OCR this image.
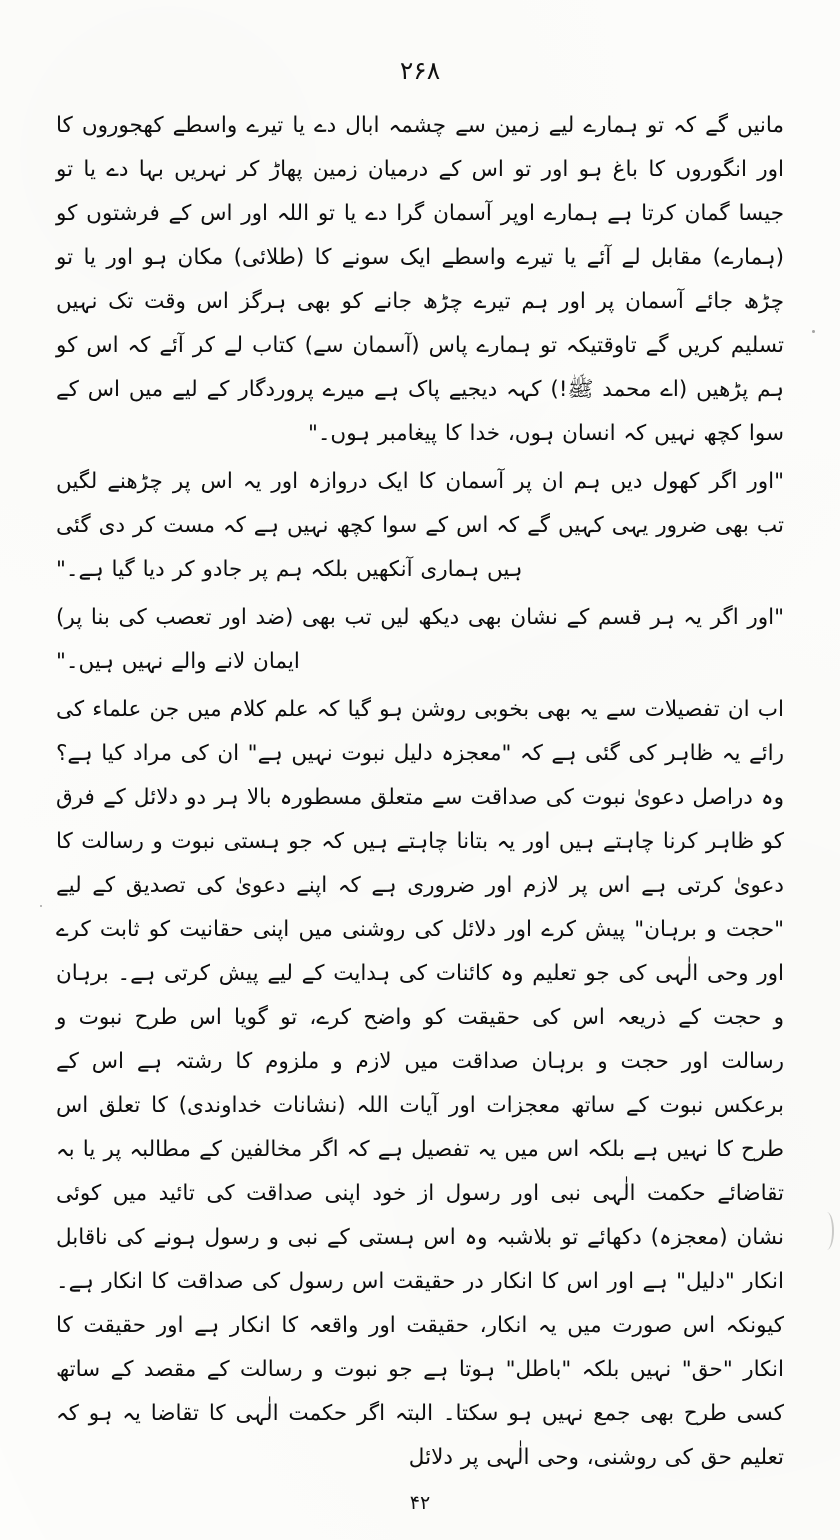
۲۶۸

مانیں گے کہ تو ہمارے لیے زمین سے چشمہ ابال دے یا تیرے واسطے کھجوروں کا اور انگوروں کا باغ ہو اور تو اس کے درمیان زمین پھاڑ کر نہریں بہا دے یا تو جیسا گمان کرتا ہے ہمارے اوپر آسمان گرا دے یا تو اللہ اور اس کے فرشتوں کو (ہمارے) مقابل لے آئے یا تیرے واسطے ایک سونے کا (طلائی) مکان ہو اور یا تو چڑھ جائے آسمان پر اور ہم تیرے چڑھ جانے کو بھی ہرگز اس وقت تک نہیں تسلیم کریں گے تاوقتیکہ تو ہمارے پاس (آسمان سے) کتاب لے کر آئے کہ اس کو ہم پڑھیں (اے محمد ﷺ!) کہہ دیجیے پاک ہے میرے پروردگار کے لیے میں اس کے سوا کچھ نہیں کہ انسان ہوں، خدا کا پیغامبر ہوں۔"

"اور اگر کھول دیں ہم ان پر آسمان کا ایک دروازہ اور یہ اس پر چڑھنے لگیں تب بھی ضرور یہی کہیں گے کہ اس کے سوا کچھ نہیں ہے کہ مست کر دی گئی ہیں ہماری آنکھیں بلکہ ہم پر جادو کر دیا گیا ہے۔"

"اور اگر یہ ہر قسم کے نشان بھی دیکھ لیں تب بھی (ضد اور تعصب کی بنا پر) ایمان لانے والے نہیں ہیں۔"

اب ان تفصیلات سے یہ بھی بخوبی روشن ہو گیا کہ علم کلام میں جن علماء کی رائے یہ ظاہر کی گئی ہے کہ "معجزہ دلیل نبوت نہیں ہے" ان کی مراد کیا ہے؟ وہ دراصل دعویٰ نبوت کی صداقت سے متعلق مسطورہ بالا ہر دو دلائل کے فرق کو ظاہر کرنا چاہتے ہیں اور یہ بتانا چاہتے ہیں کہ جو ہستی نبوت و رسالت کا دعویٰ کرتی ہے اس پر لازم اور ضروری ہے کہ اپنے دعویٰ کی تصدیق کے لیے "حجت و برہان" پیش کرے اور دلائل کی روشنی میں اپنی حقانیت کو ثابت کرے اور وحی الٰہی کی جو تعلیم وہ کائنات کی ہدایت کے لیے پیش کرتی ہے۔ برہان و حجت کے ذریعہ اس کی حقیقت کو واضح کرے، تو گویا اس طرح نبوت و رسالت اور حجت و برہان صداقت میں لازم و ملزوم کا رشتہ ہے اس کے برعکس نبوت کے ساتھ معجزات اور آیات اللہ (نشانات خداوندی) کا تعلق اس طرح کا نہیں ہے بلکہ اس میں یہ تفصیل ہے کہ اگر مخالفین کے مطالبہ پر یا بہ تقاضائے حکمت الٰہی نبی اور رسول از خود اپنی صداقت کی تائید میں کوئی نشان (معجزہ) دکھائے تو بلاشبہ وہ اس ہستی کے نبی و رسول ہونے کی ناقابل انکار "دلیل" ہے اور اس کا انکار در حقیقت اس رسول کی صداقت کا انکار ہے۔ کیونکہ اس صورت میں یہ انکار، حقیقت اور واقعہ کا انکار ہے اور حقیقت کا انکار "حق" نہیں بلکہ "باطل" ہوتا ہے جو نبوت و رسالت کے مقصد کے ساتھ کسی طرح بھی جمع نہیں ہو سکتا۔ البتہ اگر حکمت الٰہی کا تقاضا یہ ہو کہ تعلیم حق کی روشنی، وحی الٰہی پر دلائل

۴۲
